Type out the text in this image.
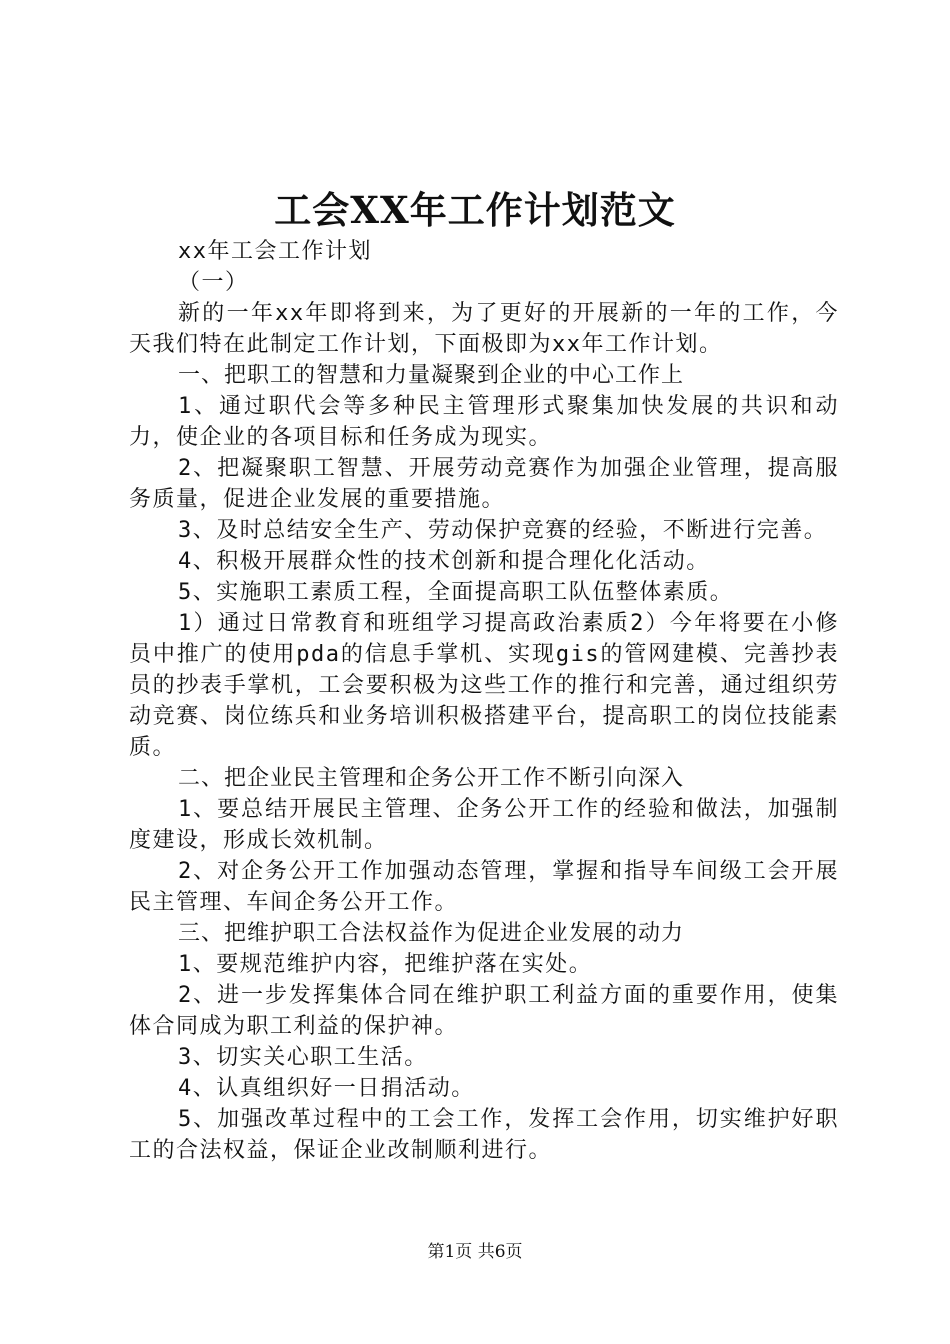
工会XX年工作计划范文

xx年工会工作计划

（一）

新的一年xx年即将到来，为了更好的开展新的一年的工作，今天我们特在此制定工作计划，下面极即为xx年工作计划。

一、把职工的智慧和力量凝聚到企业的中心工作上

1、通过职代会等多种民主管理形式聚集加快发展的共识和动力，使企业的各项目标和任务成为现实。

2、把凝聚职工智慧、开展劳动竞赛作为加强企业管理，提高服务质量，促进企业发展的重要措施。

3、及时总结安全生产、劳动保护竞赛的经验，不断进行完善。

4、积极开展群众性的技术创新和提合理化化活动。

5、实施职工素质工程，全面提高职工队伍整体素质。

1）通过日常教育和班组学习提高政治素质2）今年将要在小修员中推广的使用pda的信息手掌机、实现gis的管网建模、完善抄表员的抄表手掌机，工会要积极为这些工作的推行和完善，通过组织劳动竞赛、岗位练兵和业务培训积极搭建平台，提高职工的岗位技能素质。

二、把企业民主管理和企务公开工作不断引向深入

1、要总结开展民主管理、企务公开工作的经验和做法，加强制度建设，形成长效机制。

2、对企务公开工作加强动态管理，掌握和指导车间级工会开展民主管理、车间企务公开工作。

三、把维护职工合法权益作为促进企业发展的动力

1、要规范维护内容，把维护落在实处。

2、进一步发挥集体合同在维护职工利益方面的重要作用，使集体合同成为职工利益的保护神。

3、切实关心职工生活。

4、认真组织好一日捐活动。

5、加强改革过程中的工会工作，发挥工会作用，切实维护好职工的合法权益，保证企业改制顺利进行。

第1页 共6页
